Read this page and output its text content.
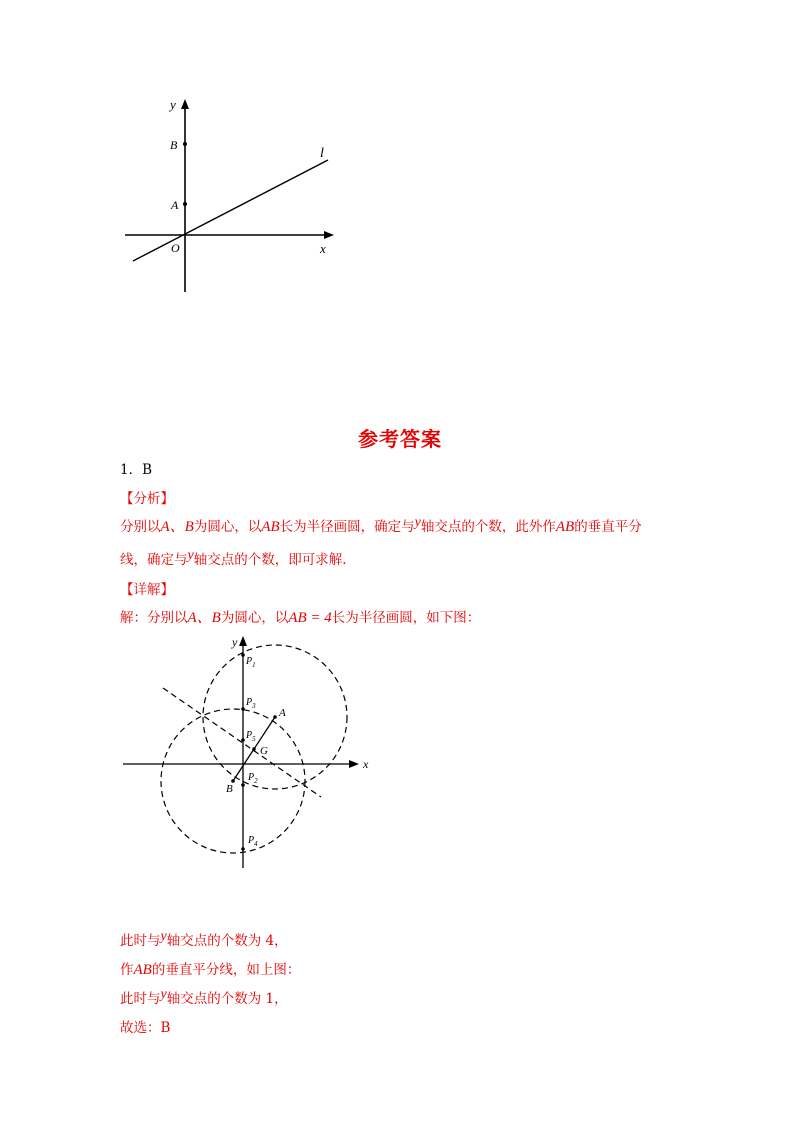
y
B
A
O	x
l
参考答案
1．B
【分析】
分别以A、B为圆心，以AB长为半径画圆，确定与y轴交点的个数，此外作AB的垂直平分
线，确定与y轴交点的个数，即可求解.
【详解】
解：分别以A、B为圆心，以AB = 4长为半径画圆，如下图：
y
x
A
B
G
$P_1$
$P_3$
$P_5$
$P_2$
$P_4$
此时与y轴交点的个数为 4，
作AB的垂直平分线，如上图：
此时与y轴交点的个数为 1，
故选：B
